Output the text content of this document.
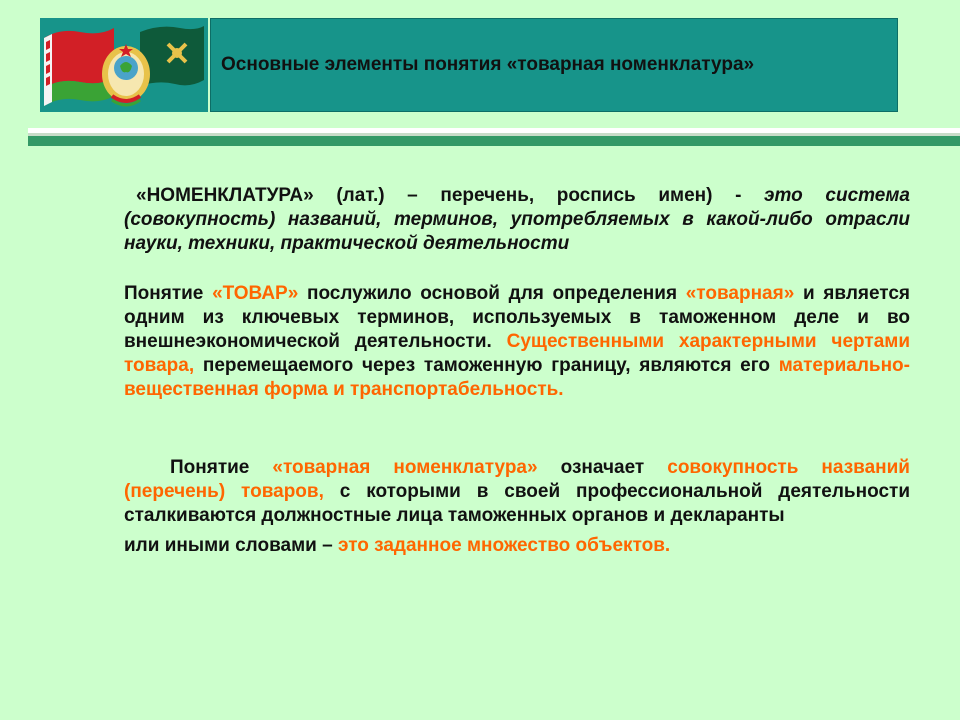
Основные элементы понятия «товарная номенклатура»

«НОМЕНКЛАТУРА» (лат.) – перечень, роспись имен) - это система (совокупность) названий, терминов, употребляемых в какой-либо отрасли науки, техники, практической деятельности

Понятие «ТОВАР» послужило основой для определения «товарная» и является одним из ключевых терминов, используемых в таможенном деле и во внешнеэкономической деятельности. Существенными характерными чертами товара, перемещаемого через таможенную границу, являются его материально-вещественная форма и транспортабельность.

Понятие «товарная номенклатура» означает совокупность названий (перечень) товаров, с которыми в своей профессиональной деятельности сталкиваются должностные лица таможенных органов и декларанты

или иными словами – это заданное множество объектов.
